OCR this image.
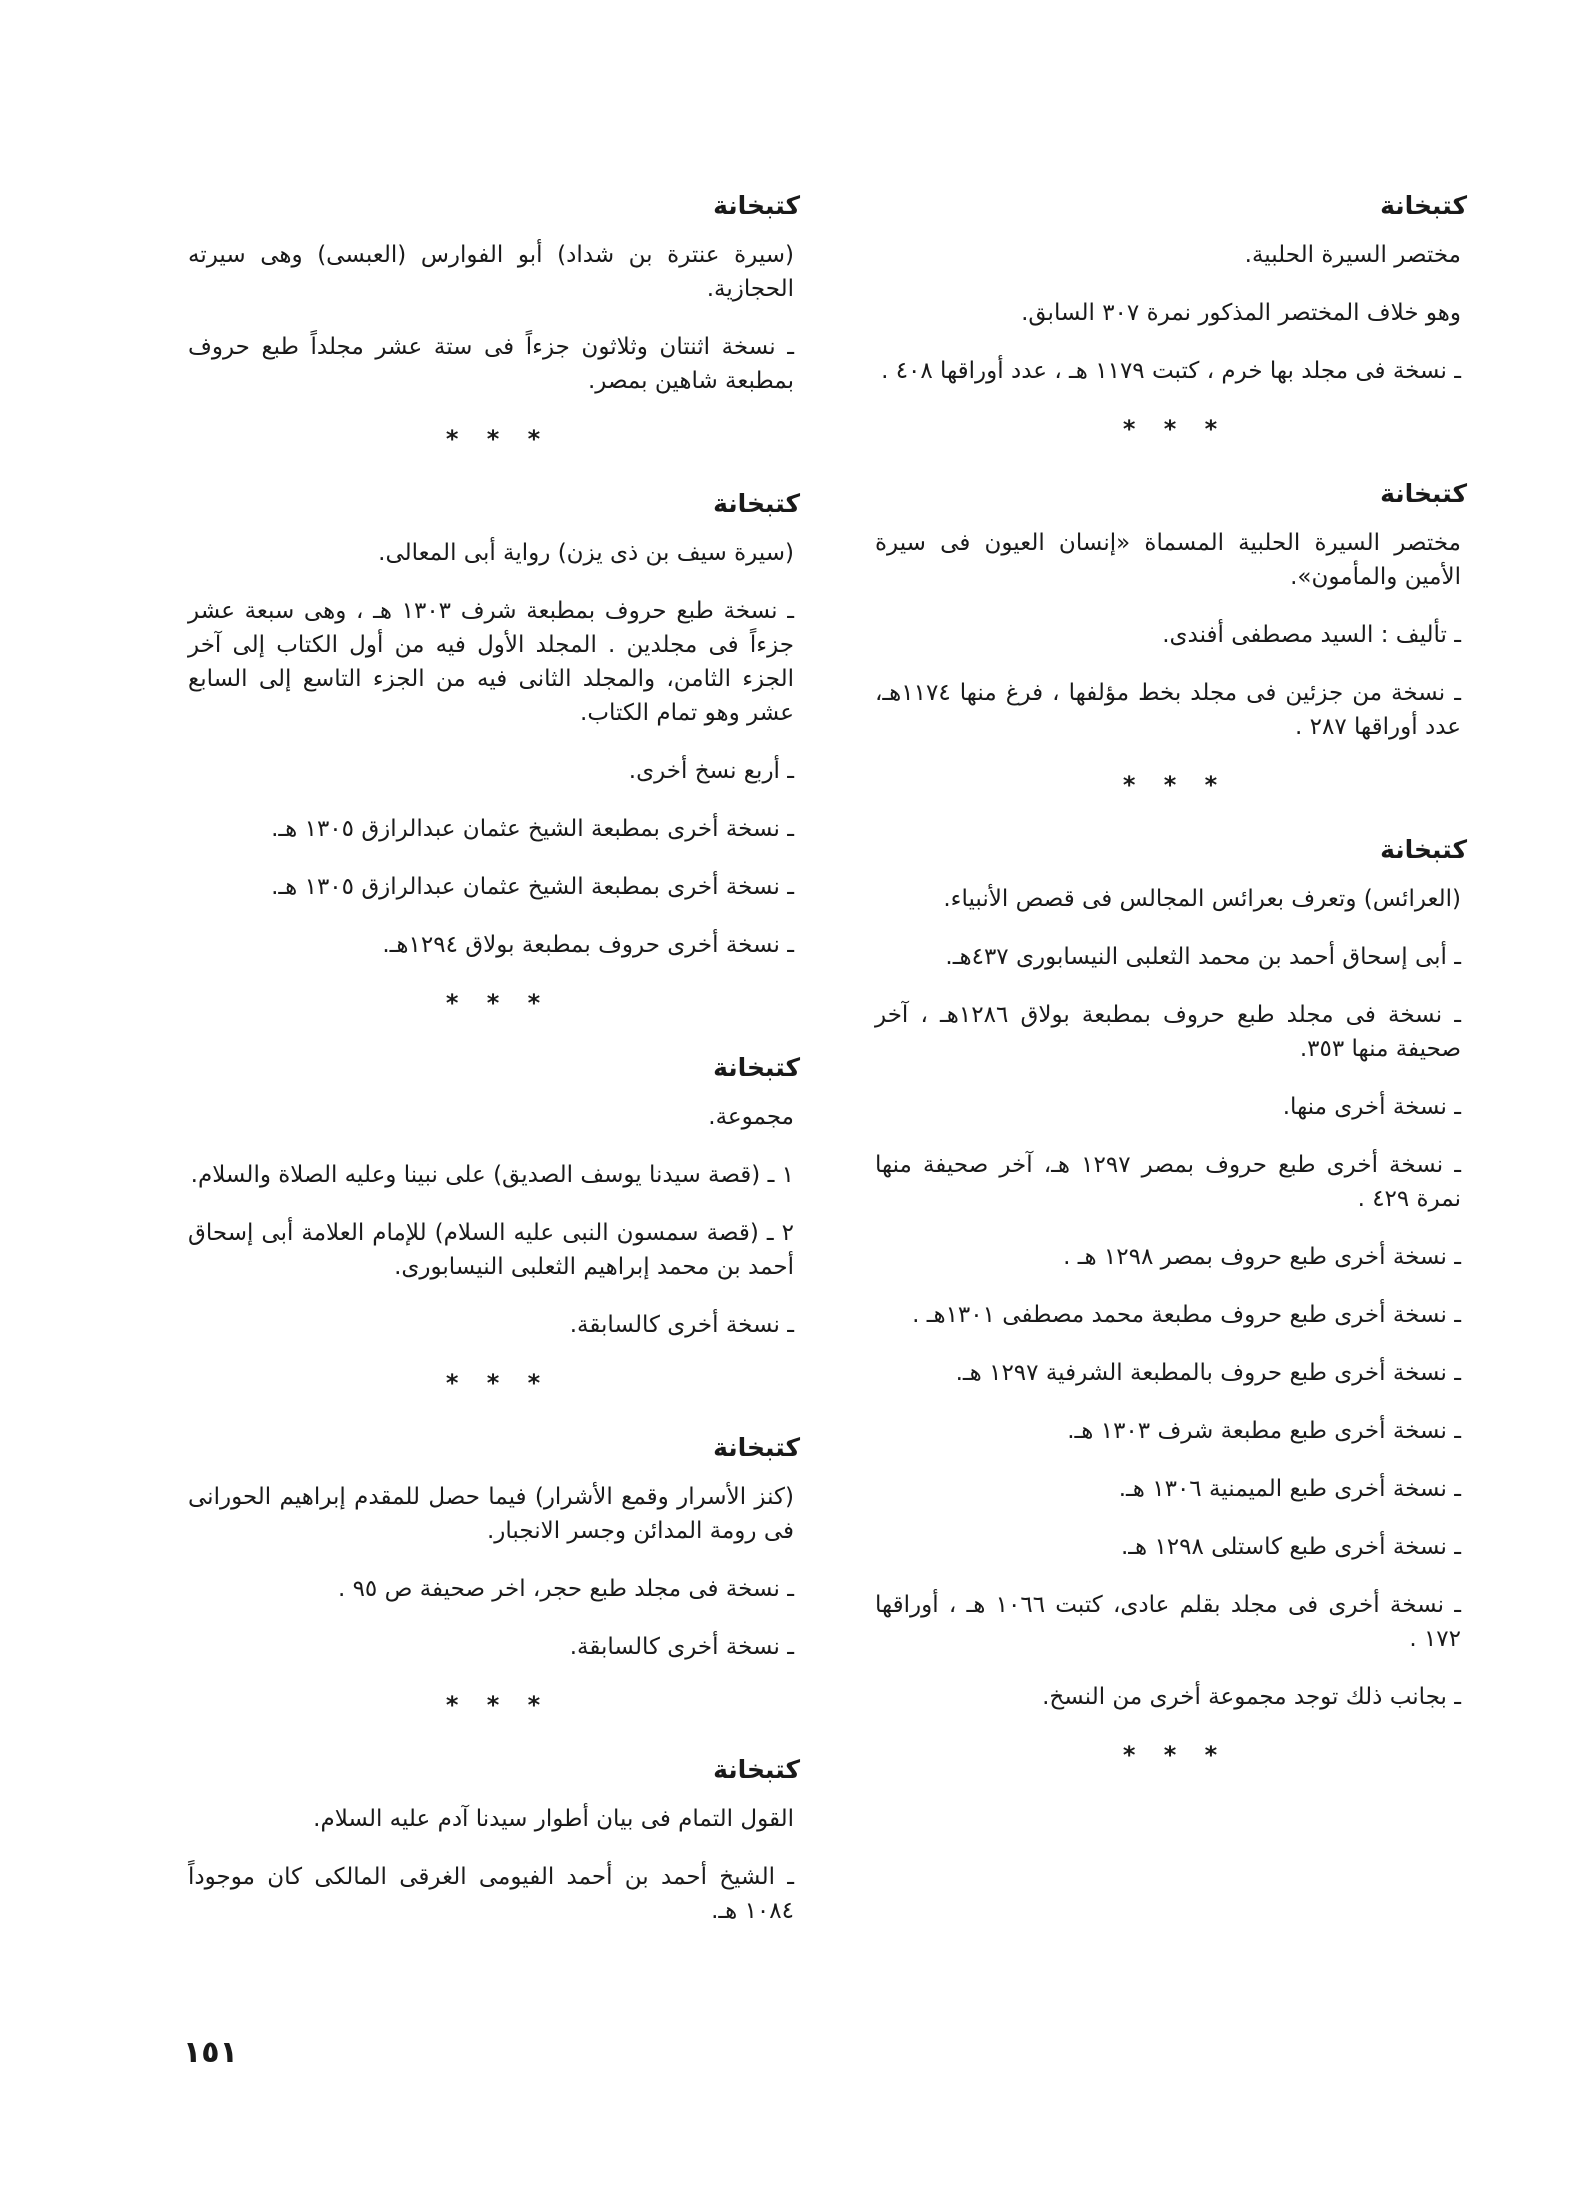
كتبخانة

مختصر السيرة الحلبية.

وهو خلاف المختصر المذكور نمرة ٣٠٧ السابق.

ـ نسخة فى مجلد بها خرم ، كتبت ١١٧٩ هـ ، عدد أوراقها ٤٠٨ .

* * *
كتبخانة

مختصر السيرة الحلبية المسماة «إنسان العيون فى سيرة الأمين والمأمون».

ـ تأليف : السيد مصطفى أفندى.

ـ نسخة من جزئين فى مجلد بخط مؤلفها ، فرغ منها ١١٧٤هـ، عدد أوراقها ٢٨٧ .

* * *
كتبخانة

(العرائس) وتعرف بعرائس المجالس فى قصص الأنبياء.

ـ أبى إسحاق أحمد بن محمد الثعلبى النيسابورى ٤٣٧هـ.

ـ نسخة فى مجلد طبع حروف بمطبعة بولاق ١٢٨٦هـ ، آخر صحيفة منها ٣٥٣.

ـ نسخة أخرى منها.

ـ نسخة أخرى طبع حروف بمصر ١٢٩٧ هـ، آخر صحيفة منها نمرة ٤٢٩ .

ـ نسخة أخرى طبع حروف بمصر ١٢٩٨ هـ .

ـ نسخة أخرى طبع حروف مطبعة محمد مصطفى ١٣٠١هـ .

ـ نسخة أخرى طبع حروف بالمطبعة الشرفية ١٢٩٧ هـ.

ـ نسخة أخرى طبع مطبعة شرف ١٣٠٣ هـ.

ـ نسخة أخرى طبع الميمنية ١٣٠٦ هـ.

ـ نسخة أخرى طبع كاستلى ١٢٩٨ هـ.

ـ نسخة أخرى فى مجلد بقلم عادى، كتبت ١٠٦٦ هـ ، أوراقها ١٧٢ .

ـ بجانب ذلك توجد مجموعة أخرى من النسخ.

* * *
كتبخانة

(سيرة عنترة بن شداد) أبو الفوارس (العبسى) وهى سيرته الحجازية.

ـ نسخة اثنتان وثلاثون جزءاً فى ستة عشر مجلداً طبع حروف بمطبعة شاهين بمصر.

* * *
كتبخانة

(سيرة سيف بن ذى يزن) رواية أبى المعالى.

ـ نسخة طبع حروف بمطبعة شرف ١٣٠٣ هـ ، وهى سبعة عشر جزءاً فى مجلدين . المجلد الأول فيه من أول الكتاب إلى آخر الجزء الثامن، والمجلد الثانى فيه من الجزء التاسع إلى السابع عشر وهو تمام الكتاب.

ـ أربع نسخ أخرى.

ـ نسخة أخرى بمطبعة الشيخ عثمان عبدالرازق ١٣٠٥ هـ.

ـ نسخة أخرى بمطبعة الشيخ عثمان عبدالرازق ١٣٠٥ هـ.

ـ نسخة أخرى حروف بمطبعة بولاق ١٢٩٤هـ.

* * *
كتبخانة

مجموعة.

١ ـ (قصة سيدنا يوسف الصديق) على نبينا وعليه الصلاة والسلام.

٢ ـ (قصة سمسون النبى عليه السلام) للإمام العلامة أبى إسحاق أحمد بن محمد إبراهيم الثعلبى النيسابورى.

ـ نسخة أخرى كالسابقة.

* * *
كتبخانة

(كنز الأسرار وقمع الأشرار) فيما حصل للمقدم إبراهيم الحورانى فى رومة المدائن وجسر الانجبار.

ـ نسخة فى مجلد طبع حجر، اخر صحيفة ص ٩٥ .

ـ نسخة أخرى كالسابقة.

* * *
كتبخانة

القول التمام فى بيان أطوار سيدنا آدم عليه السلام.

ـ الشيخ أحمد بن أحمد الفيومى الغرقى المالكى كان موجوداً ١٠٨٤ هـ.

١٥١
